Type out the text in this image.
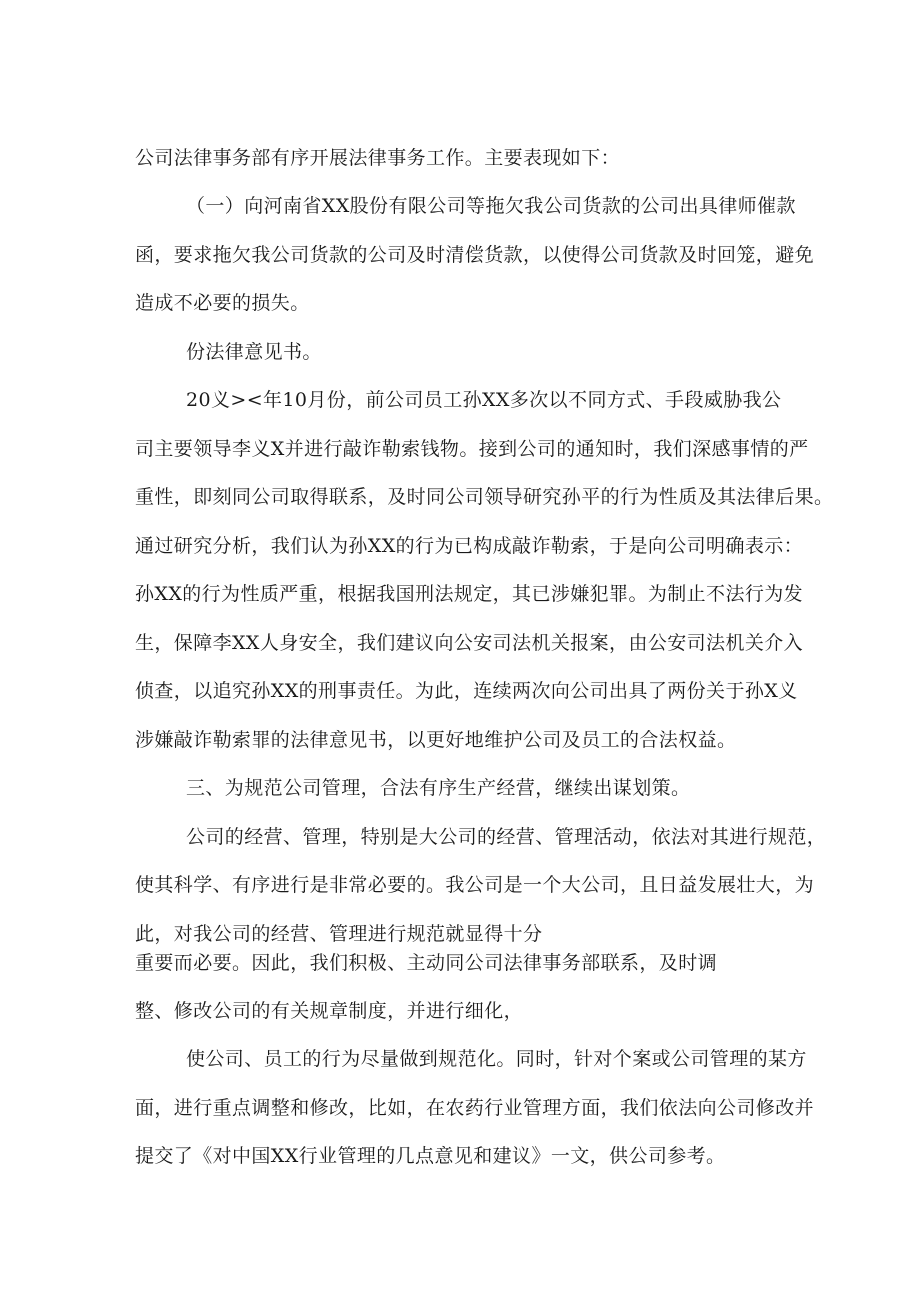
公司法律事务部有序开展法律事务工作。主要表现如下：
（一）向河南省XX股份有限公司等拖欠我公司货款的公司出具律师催款
函，要求拖欠我公司货款的公司及时清偿货款，以使得公司货款及时回笼，避免
造成不必要的损失。
份法律意见书。
20义><年10月份，前公司员工孙XX多次以不同方式、手段威胁我公
司主要领导李义X并进行敲诈勒索钱物。接到公司的通知时，我们深感事情的严
重性，即刻同公司取得联系，及时同公司领导研究孙平的行为性质及其法律后果。
通过研究分析，我们认为孙XX的行为已构成敲诈勒索，于是向公司明确表示：
孙XX的行为性质严重，根据我国刑法规定，其已涉嫌犯罪。为制止不法行为发
生，保障李XX人身安全，我们建议向公安司法机关报案，由公安司法机关介入
侦查，以追究孙XX的刑事责任。为此，连续两次向公司出具了两份关于孙X义
涉嫌敲诈勒索罪的法律意见书，以更好地维护公司及员工的合法权益。
三、为规范公司管理，合法有序生产经营，继续出谋划策。
公司的经营、管理，特别是大公司的经营、管理活动，依法对其进行规范，
使其科学、有序进行是非常必要的。我公司是一个大公司，且日益发展壮大，为
此，对我公司的经营、管理进行规范就显得十分
重要而必要。因此，我们积极、主动同公司法律事务部联系，及时调
整、修改公司的有关规章制度，并进行细化，
使公司、员工的行为尽量做到规范化。同时，针对个案或公司管理的某方
面，进行重点调整和修改，比如，在农药行业管理方面，我们依法向公司修改并
提交了《对中国XX行业管理的几点意见和建议》一文，供公司参考。
